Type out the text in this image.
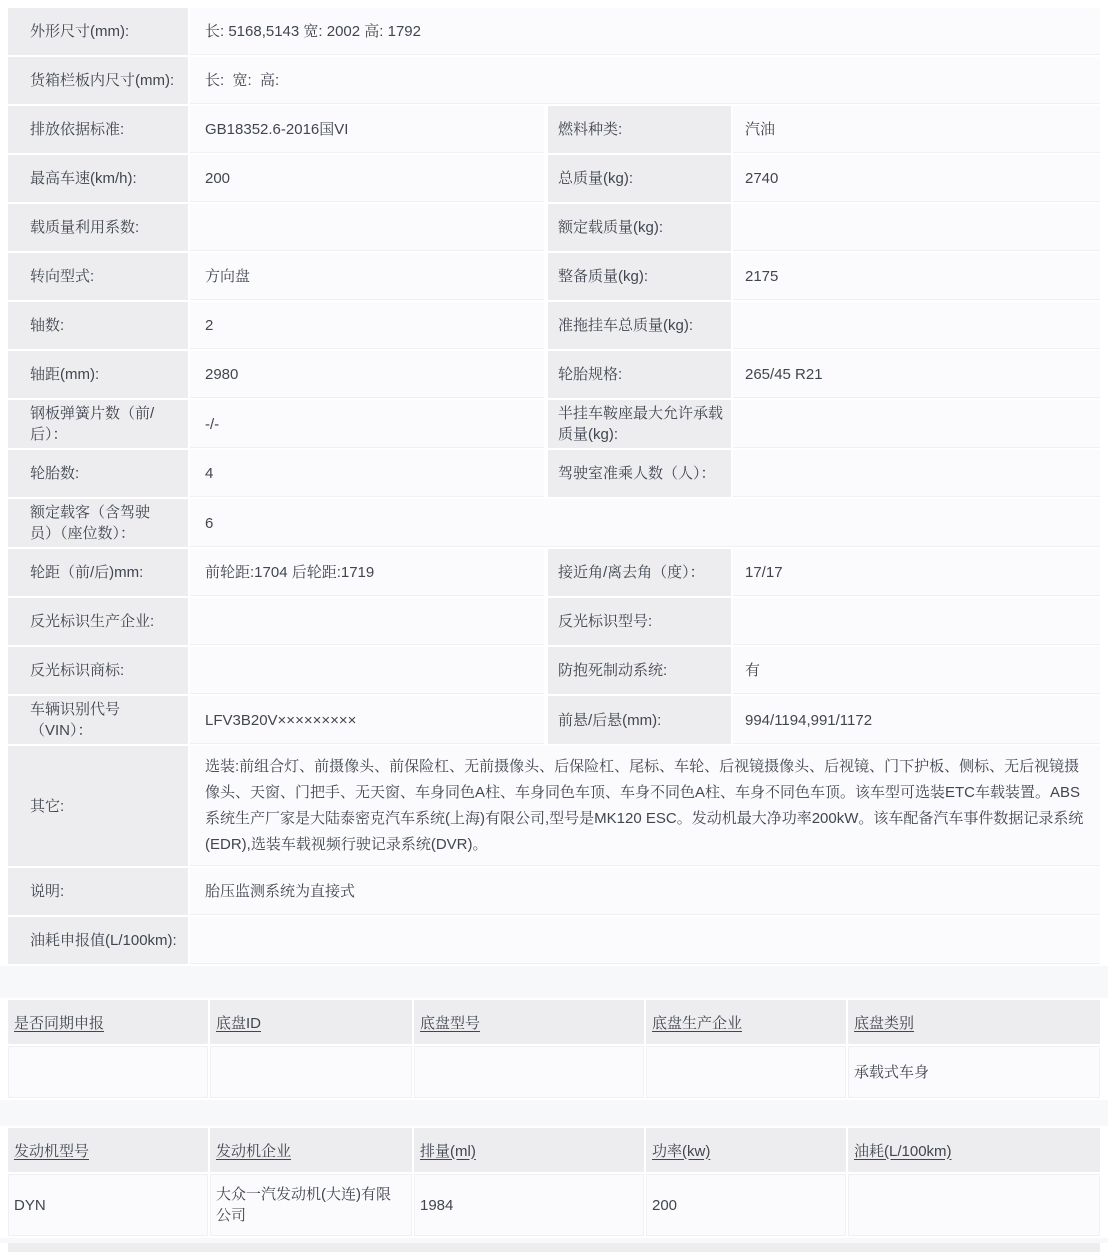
外形尺寸(mm):	长: 5168,5143 宽: 2002 高: 1792		
货箱栏板内尺寸(mm):	长:  宽:  高:		
排放依据标准:	GB18352.6-2016国VI	燃料种类:	汽油
最高车速(km/h):	200	总质量(kg):	2740
载质量利用系数:		额定载质量(kg):	
转向型式:	方向盘	整备质量(kg):	2175
轴数:	2	准拖挂车总质量(kg):	
轴距(mm):	2980	轮胎规格:	265/45 R21
钢板弹簧片数（前/后）：	-/-	半挂车鞍座最大允许承载质量(kg):	
轮胎数:	4	驾驶室准乘人数（人）：	
额定载客（含驾驶员）（座位数）：	6		
轮距（前/后)mm:	前轮距:1704 后轮距:1719	接近角/离去角（度）：	17/17
反光标识生产企业:		反光标识型号:	
反光标识商标:		防抱死制动系统:	有
车辆识别代号（VIN）：	LFV3B20V×××××××××	前悬/后悬(mm):	994/1194,991/1172
其它:	选装:前组合灯、前摄像头、前保险杠、无前摄像头、后保险杠、尾标、车轮、后视镜摄像头、后视镜、门下护板、侧标、无后视镜摄像头、天窗、门把手、无天窗、车身同色A柱、车身同色车顶、车身不同色A柱、车身不同色车顶。该车型可选装ETC车载装置。ABS系统生产厂家是大陆泰密克汽车系统(上海)有限公司,型号是MK120 ESC。发动机最大净功率200kW。该车配备汽车事件数据记录系统(EDR),选装车载视频行驶记录系统(DVR)。		
说明:	胎压监测系统为直接式		
油耗申报值(L/100km):			
是否同期申报	底盘ID	底盘型号	底盘生产企业	底盘类别
				承载式车身
发动机型号	发动机企业	排量(ml)	功率(kw)	油耗(L/100km)
DYN	大众一汽发动机(大连)有限公司	1984	200	
